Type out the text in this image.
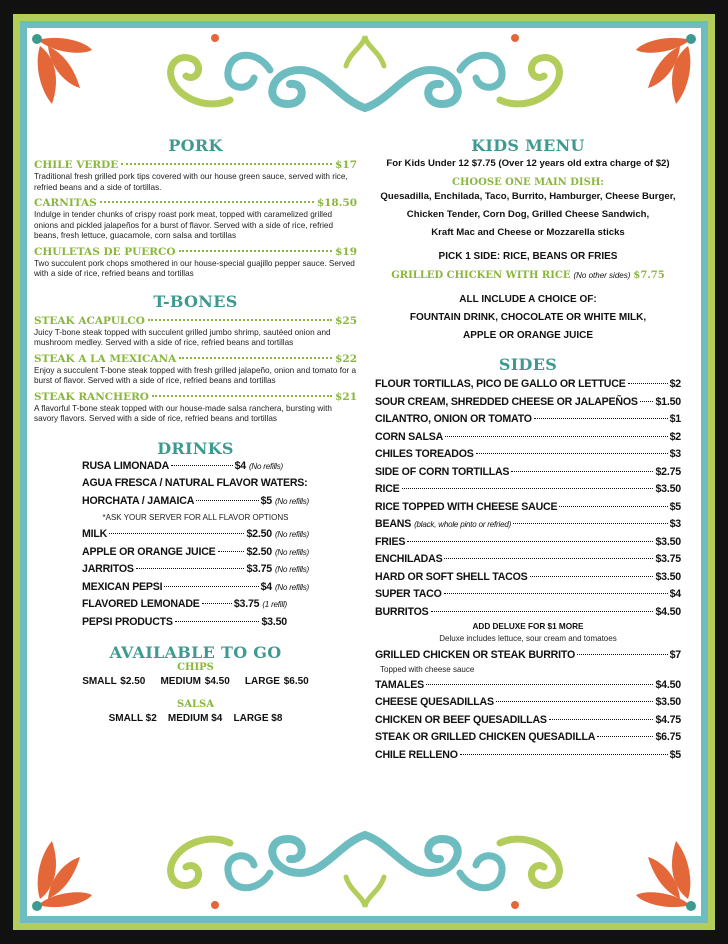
PORK
CHILE VERDE	$17
Traditional fresh grilled pork tips covered with our house green sauce, served with rice, refried beans and a side of tortillas.
CARNITAS	$18.50
Indulge in tender chunks of crispy roast pork meat, topped with caramelized grilled onions and pickled jalapeños for a burst of flavor. Served with a side of rice, refried beans, fresh lettuce, guacamole, corn salsa and tortillas
CHULETAS DE PUERCO	$19
Two succulent pork chops smothered in our house-special guajillo pepper sauce. Served with a side of rice, refried beans and tortillas
T-BONES
STEAK ACAPULCO	$25
Juicy T-bone steak topped with succulent grilled jumbo shrimp, sautéed onion and mushroom medley. Served with a side of rice, refried beans and tortillas
STEAK A LA MEXICANA	$22
Enjoy a succulent T-bone steak topped with fresh grilled jalapeño, onion and tomato for a burst of flavor. Served with a side of rice, refried beans and tortillas
STEAK RANCHERO	$21
A flavorful T-bone steak topped with our house-made salsa ranchera, bursting with savory flavors. Served with a side of rice, refried beans and tortillas
DRINKS
RUSA LIMONADA	$4 (No refills)
AGUA FRESCA / NATURAL FLAVOR WATERS:
HORCHATA / JAMAICA	$5 (No refills)
*ASK YOUR SERVER FOR ALL FLAVOR OPTIONS
MILK	$2.50 (No refills)
APPLE OR ORANGE JUICE	$2.50 (No refills)
JARRITOS	$3.75 (No refills)
MEXICAN PEPSI	$4 (No refills)
FLAVORED LEMONADE	$3.75 (1 refill)
PEPSI PRODUCTS	$3.50
AVAILABLE TO GO
CHIPS
SMALL $2.50 MEDIUM $4.50 LARGE $6.50
SALSA
SMALL $2 MEDIUM $4 LARGE $8
KIDS MENU
For Kids Under 12 $7.75 (Over 12 years old extra charge of $2)
CHOOSE ONE MAIN DISH:
Quesadilla, Enchilada, Taco, Burrito, Hamburger, Cheese Burger,
Chicken Tender, Corn Dog, Grilled Cheese Sandwich,
Kraft Mac and Cheese or Mozzarella sticks
PICK 1 SIDE: RICE, BEANS OR FRIES
GRILLED CHICKEN WITH RICE (No other sides) $7.75
ALL INCLUDE A CHOICE OF:
FOUNTAIN DRINK, CHOCOLATE OR WHITE MILK,
APPLE OR ORANGE JUICE
SIDES
FLOUR TORTILLAS, PICO DE GALLO OR LETTUCE	$2
SOUR CREAM, SHREDDED CHEESE OR JALAPEÑOS $1.50
CILANTRO, ONION OR TOMATO	$1
CORN SALSA	$2
CHILES TOREADOS	$3
SIDE OF CORN TORTILLAS	$2.75
RICE	$3.50
RICE TOPPED WITH CHEESE SAUCE	$5
BEANS (black, whole pinto or refried)	$3
FRIES	$3.50
ENCHILADAS	$3.75
HARD OR SOFT SHELL TACOS	$3.50
SUPER TACO	$4
BURRITOS	$4.50
ADD DELUXE FOR $1 MORE
Deluxe includes lettuce, sour cream and tomatoes
GRILLED CHICKEN OR STEAK BURRITO	$7
Topped with cheese sauce
TAMALES	$4.50
CHEESE QUESADILLAS	$3.50
CHICKEN OR BEEF QUESADILLAS	$4.75
STEAK OR GRILLED CHICKEN QUESADILLA	$6.75
CHILE RELLENO	$5
